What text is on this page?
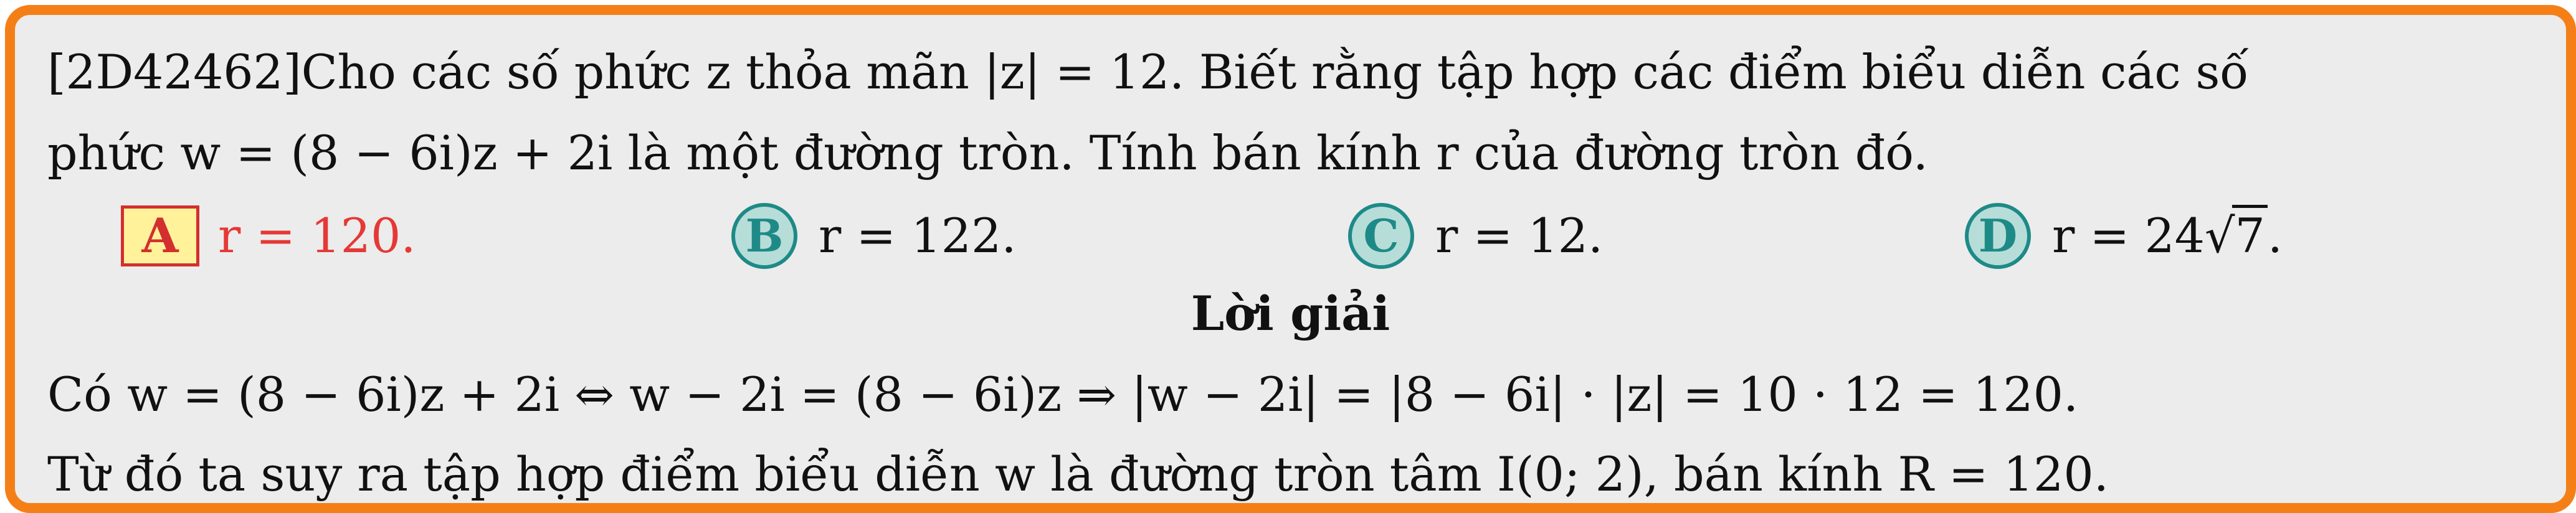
[2D42462]Cho các số phức z thỏa mãn |z| = 12. Biết rằng tập hợp các điểm biểu diễn các số
phức w = (8 − 6i)z + 2i là một đường tròn. Tính bán kính r của đường tròn đó.
A r = 120.	B r = 122.	C r = 12.	D r = 24√7.
Lời giải
Có w = (8 − 6i)z + 2i ⇔ w − 2i = (8 − 6i)z ⇒ |w − 2i| = |8 − 6i| · |z| = 10 · 12 = 120.
Từ đó ta suy ra tập hợp điểm biểu diễn w là đường tròn tâm I(0; 2), bán kính R = 120.
